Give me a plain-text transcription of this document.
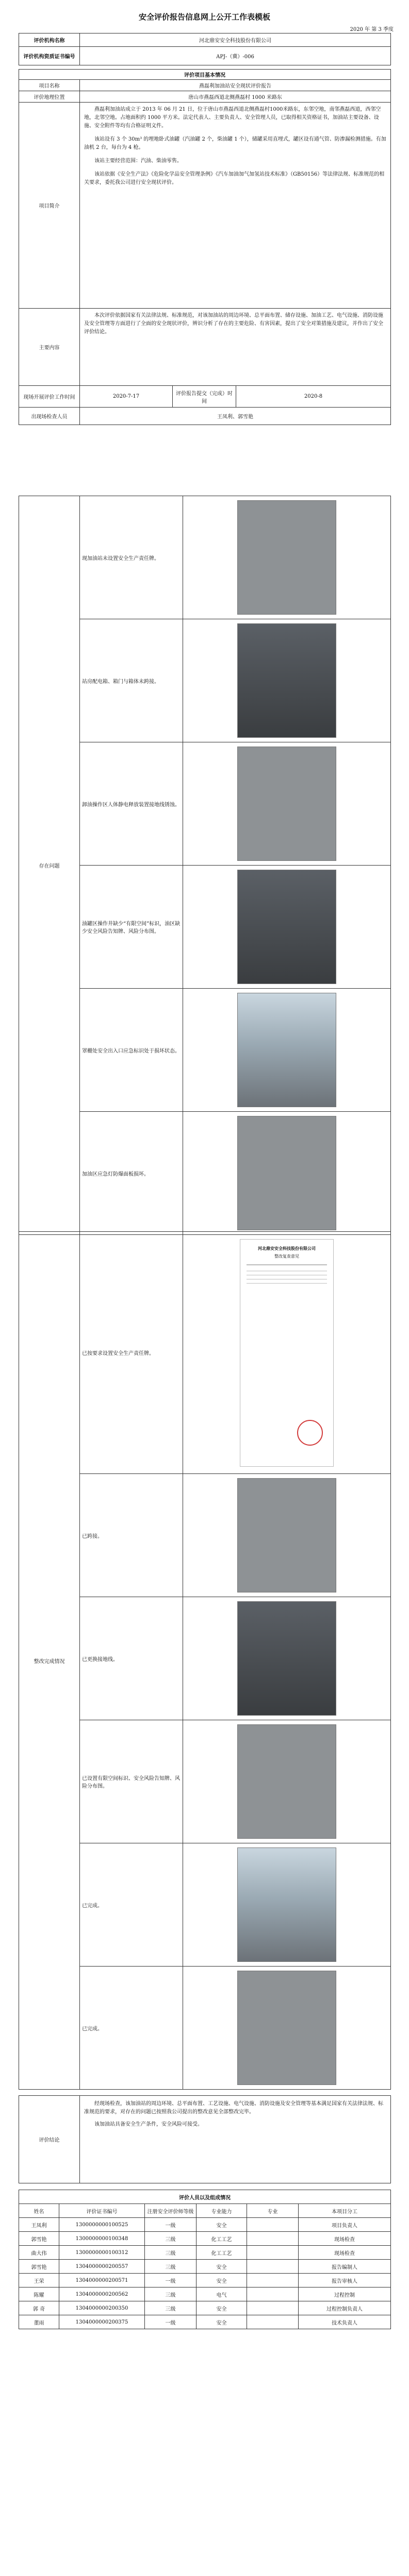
安全评价报告信息网上公开工作表模板
2020 年 第 3 季度
评价机构名称	河北鼎安安全科技股份有限公司
评价机构资质证书编号	APJ-（冀）-006
评价项目基本情况			
项目名称	燕磊利加油站安全现状评价报告		
评价地理位置	唐山市燕磊西道北侧燕磊村 1000 米路东		
项目简介	燕磊利加油站成立于 2013 年 06 月 21 日，位于唐山市燕磊西道北侧燕磊村1000米路东，东邻空地，南邻燕磊西道，西邻空地，北邻空地。占地面积约 1000 平方米。法定代表人、主要负责人、安全管理人员，已取得相关资格证书，加油站主要设备、设施、安全附件等均有合格证明文件。

该站设有 3 个 30m³ 的埋地卧式油罐（汽油罐 2 个，柴油罐 1 个），储罐采用直埋式，罐区设有通气管、防渗漏检测措施。有加油机 2 台，每台为 4 枪。

该站主要经营范围：汽油、柴油零售。

该站依据《安全生产法》《危险化学品安全管理条例》《汽车加油加气加氢站技术标准》（GB50156）等法律法规、标准规范的相关要求，委托我公司进行安全现状评价。		

主要内容	本次评价依据国家有关法律法规、标准规范，对该加油站的周边环境、总平面布置、储存设施、加油工艺、电气设施、消防设施及安全管理等方面进行了全面的安全现状评价，辨识分析了存在的主要危险、有害因素，提出了安全对策措施及建议，并作出了安全评价结论。		

现场开展评价工作时间	2020-7-17	评价报告提交（完成）时间	2020-8
出现场检查人员	王凤利、郭雪艳		
存在问题	现加油站未设置安全生产责任牌。	

	站房配电箱、箱门与箱体未跨接。	

	卸油操作区人体静电释放装置接地线锈蚀。	

	油罐区操作井缺少“有限空间”标识，油区缺少安全风险告知牌、风险分布图。	

	罩棚处安全出入口应急标识处于损坏状态。	

	加油区应急灯防爆面板损坏。	
整改完成情况	已按要求设置安全生产责任牌。	河北鼎安安全科技股份有限公司
整改复查意见

	已跨接。	

	已更换接地线。	

	已设置有限空间标识、安全风险告知牌、风险分布图。	

	已完成。	

	已完成。	
评价结论	

经现场检查，该加油站的周边环境、总平面布置、工艺设施、电气设施、消防设施及安全管理等基本满足国家有关法律法规、标准规范的要求，对存在的问题已按照我公司提出的整改意见全部整改完毕。

该加油站具备安全生产条件，安全风险可接受。

评价人员以及组成情况					
姓名	评价证书编号	注册安全评价师等级	专业能力	专业	本项目分工
王凤利	1300000000100525	一级	安全		项目负责人
郭雪艳	1300000000100348	三级	化工工艺		现场检查
曲大伟	1300000000100312	三级	化工工艺		现场检查
郭雪艳	1304000000200557	三级	安全		报告编制人
王荣	1304000000200571	一级	安全		报告审核人
陈耀	1304000000200562	三级	电气		过程控制
郭 奇	1304000000200350	三级	安全		过程控制负责人
董雨	1304000000200375	一级	安全		技术负责人
